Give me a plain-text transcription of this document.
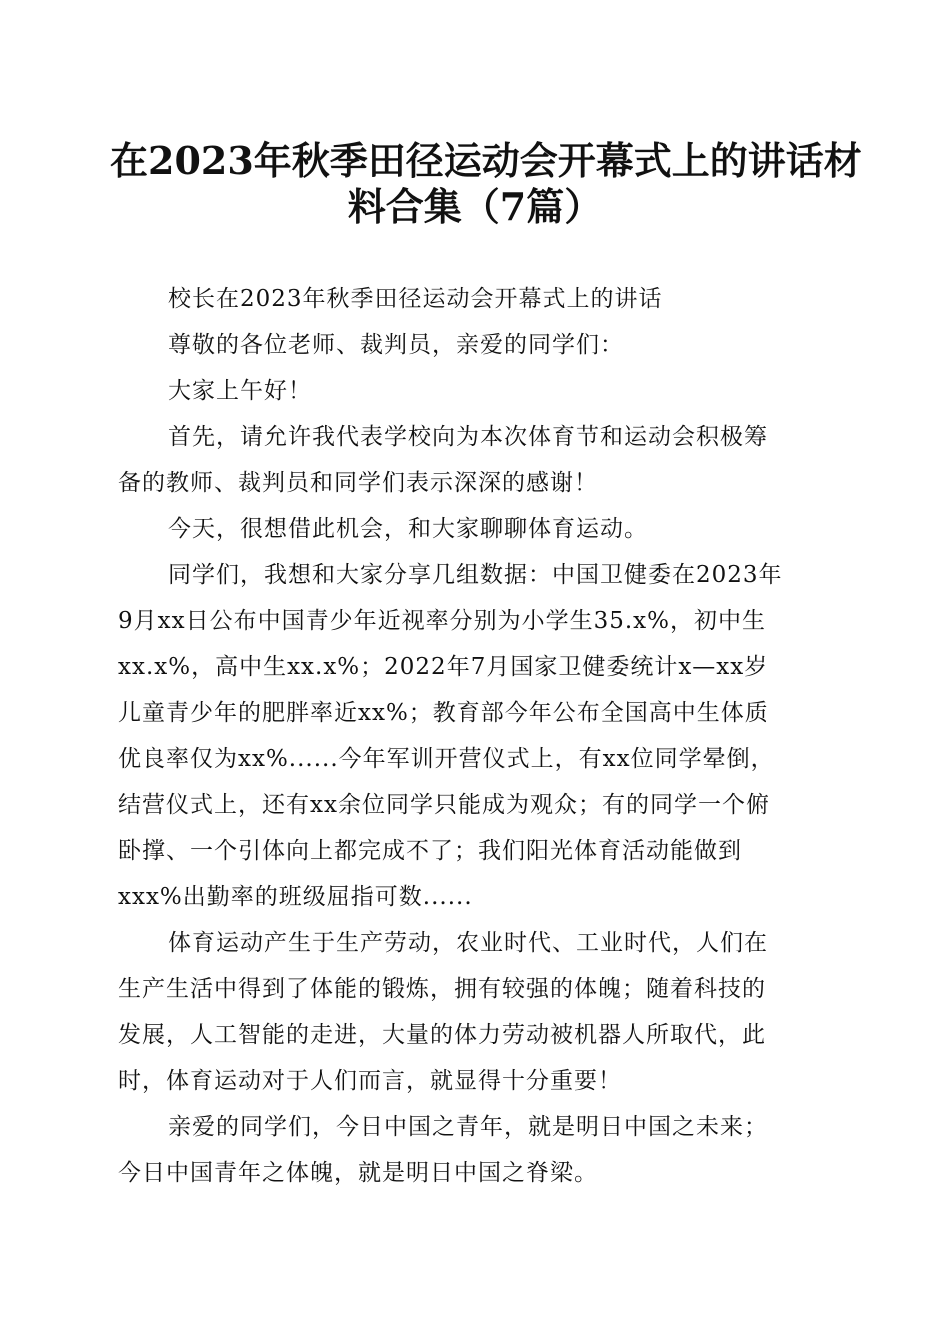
在2023年秋季田径运动会开幕式上的讲话材
料合集（7篇）

校长在2023年秋季田径运动会开幕式上的讲话

尊敬的各位老师、裁判员，亲爱的同学们：

大家上午好！

首先，请允许我代表学校向为本次体育节和运动会积极筹
备的教师、裁判员和同学们表示深深的感谢！

今天，很想借此机会，和大家聊聊体育运动。

同学们，我想和大家分享几组数据：中国卫健委在2023年
9月xx日公布中国青少年近视率分别为小学生35.x%，初中生
xx.x%，高中生xx.x%；2022年7月国家卫健委统计x—xx岁
儿童青少年的肥胖率近xx%；教育部今年公布全国高中生体质
优良率仅为xx%......今年军训开营仪式上，有xx位同学晕倒，
结营仪式上，还有xx余位同学只能成为观众；有的同学一个俯
卧撑、一个引体向上都完成不了；我们阳光体育活动能做到
xxx%出勤率的班级屈指可数......

体育运动产生于生产劳动，农业时代、工业时代，人们在
生产生活中得到了体能的锻炼，拥有较强的体魄；随着科技的
发展，人工智能的走进，大量的体力劳动被机器人所取代，此
时，体育运动对于人们而言，就显得十分重要！

亲爱的同学们，今日中国之青年，就是明日中国之未来；
今日中国青年之体魄，就是明日中国之脊梁。
